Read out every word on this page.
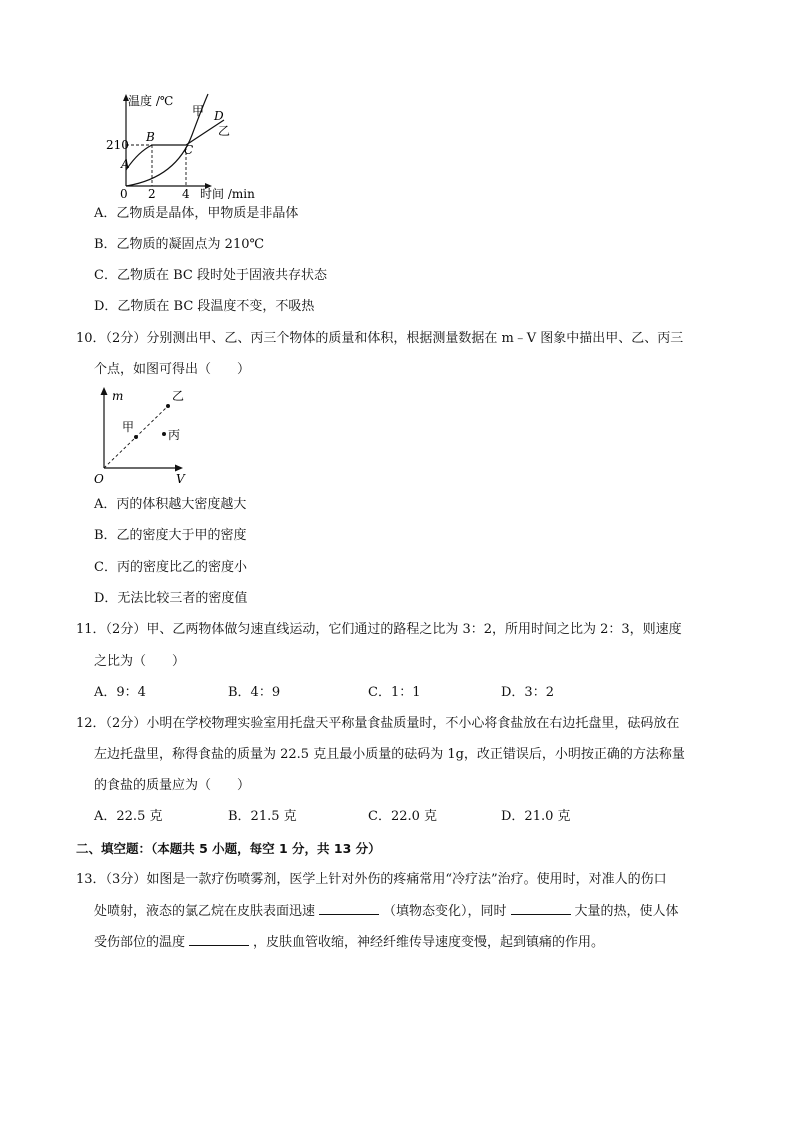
温度 /℃
甲 D
乙
B
C
A
210
0 2 4 时间 /min
A．乙物质是晶体，甲物质是非晶体
B．乙物质的凝固点为 210℃
C．乙物质在 BC 段时处于固液共存状态
D．乙物质在 BC 段温度不变，不吸热
10．（2分）分别测出甲、乙、丙三个物体的质量和体积，根据测量数据在 m﹣V 图象中描出甲、乙、丙三
个点，如图可得出（　　）
m	乙
甲
丙
O	V
A．丙的体积越大密度越大
B．乙的密度大于甲的密度
C．丙的密度比乙的密度小
D．无法比较三者的密度值
11．（2分）甲、乙两物体做匀速直线运动，它们通过的路程之比为 3：2，所用时间之比为 2：3，则速度
之比为（　　）
A．9：4	B．4：9	C．1：1	D．3：2
12．（2分）小明在学校物理实验室用托盘天平称量食盐质量时，不小心将食盐放在右边托盘里，砝码放在
左边托盘里，称得食盐的质量为 22.5 克且最小质量的砝码为 1g，改正错误后，小明按正确的方法称量
的食盐的质量应为（　　）
A．22.5 克	B．21.5 克	C．22.0 克	D．21.0 克
二、填空题：（本题共 5 小题，每空 1 分，共 13 分）
13．（3分）如图是一款疗伤喷雾剂，医学上针对外伤的疼痛常用“冷疗法”治疗。使用时，对准人的伤口
处喷射，液态的氯乙烷在皮肤表面迅速	（填物态变化），同时	大量的热，使人体
受伤部位的温度	，皮肤血管收缩，神经纤维传导速度变慢，起到镇痛的作用。
